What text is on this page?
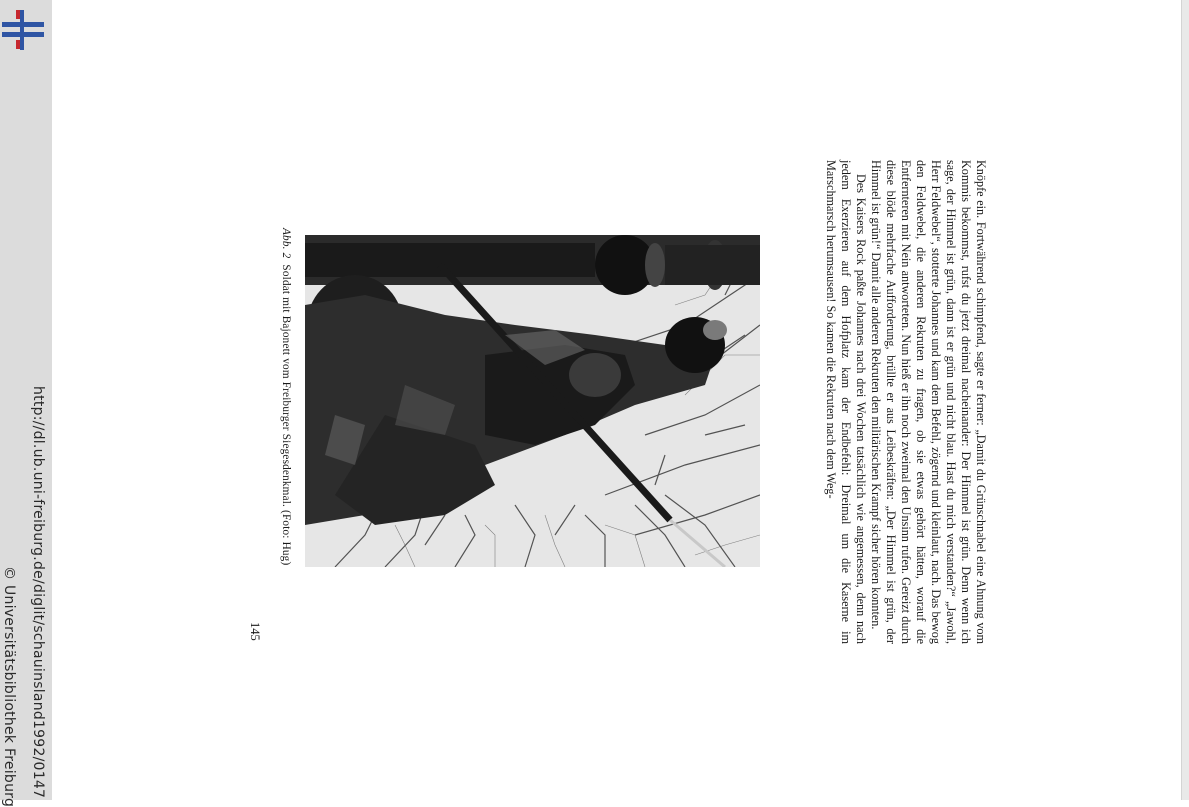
http://dl.ub.uni-freiburg.de/diglit/schauinsland1992/0147
© Universitätsbibliothek Freiburg

Knöpfe ein. Fortwährend schimpfend, sagte er ferner: „Damit du Grünschnabel eine Ahnung vom Kommis bekommst, rufst du jetzt dreimal nacheinander: Der Himmel ist grün. Denn wenn ich sage, der Himmel ist grün, dann ist er grün und nicht blau. Hast du mich verstanden?“ „Jawohl, Herr Feldwebel“, stotterte Johannes und kam dem Befehl, zögernd und kleinlaut, nach. Das bewog den Feldwebel, die anderen Rekruten zu fragen, ob sie etwas gehört hätten, worauf die Entfernteren mit Nein antworteten. Nun hieß er ihn noch zweimal den Unsinn rufen. Gereizt durch diese blöde mehrfache Aufforderung, brüllte er aus Leibeskräften: „Der Himmel ist grün, der Himmel ist grün!“ Damit alle anderen Rekruten den militärischen Krampf sicher hören konnten.

Des Kaisers Rock paßte Johannes nach drei Wochen tatsächlich wie angemessen, denn nach jedem Exerzieren auf dem Hofplatz kam der Endbefehl: Dreimal um die Kaserne im Marschmarsch herumsausen! So kamen die Rekruten nach dem Weg-

Abb. 2  Soldat mit Bajonett vom Freiburger Siegesdenkmal. (Foto: Hug)
145
